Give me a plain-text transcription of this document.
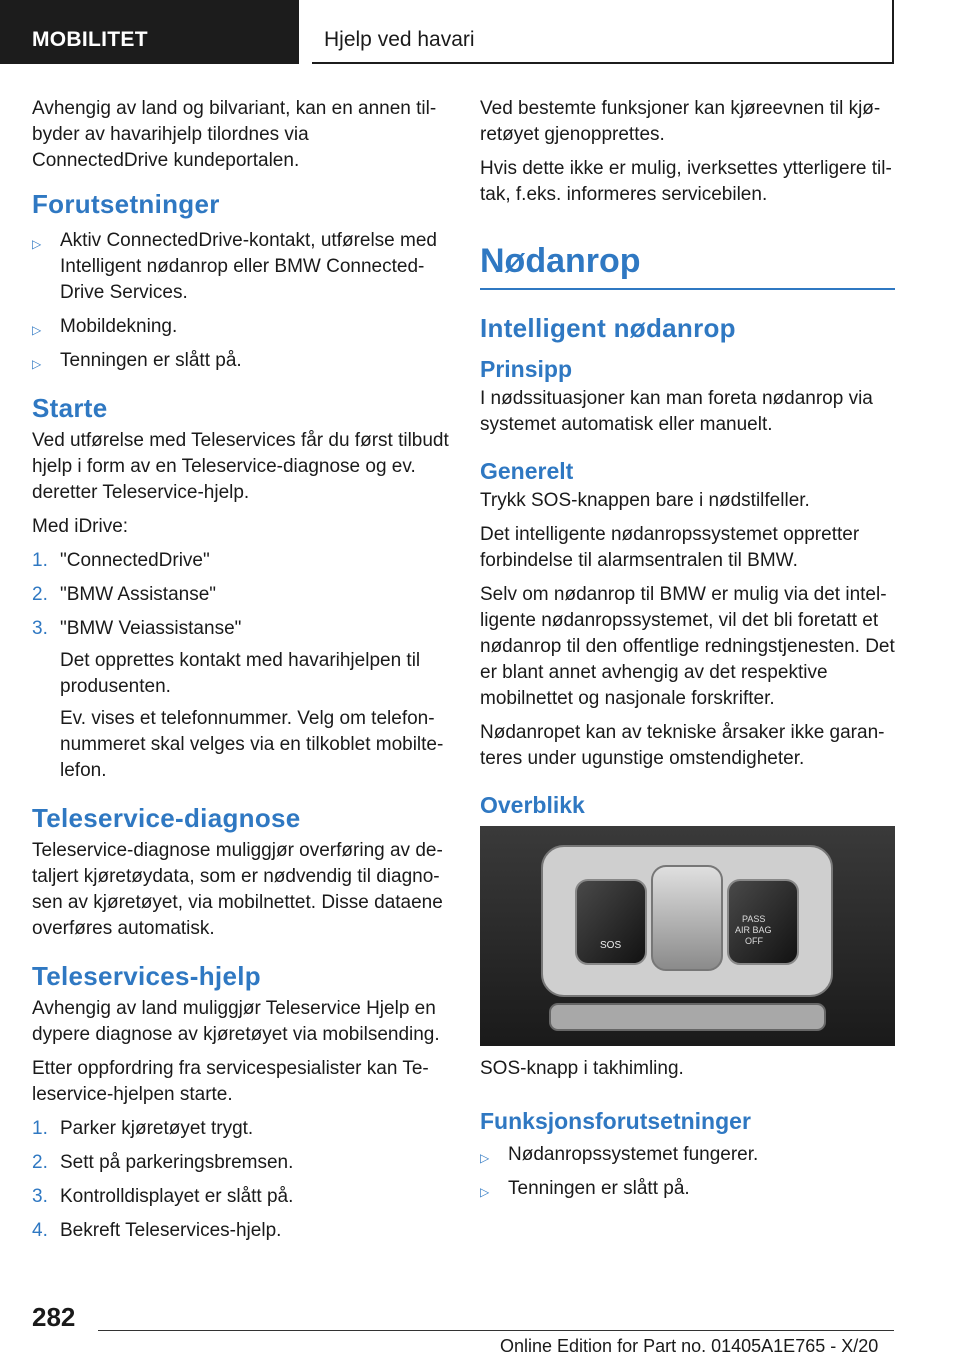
MOBILITET	Hjelp ved havari

Avhengig av land og bilvariant, kan en annen tilbyder av havarihjelp tilordnes via ConnectedDrive kundeportalen.

Forutsetninger
▷ Aktiv ConnectedDrive-kontakt, utførelse med Intelligent nødanrop eller BMW ConnectedDrive Services.
▷ Mobildekning.
▷ Tenningen er slått på.
Starte

Ved utførelse med Teleservices får du først tilbudt hjelp i form av en Teleservice-diagnose og ev. deretter Teleservice-hjelp.

Med iDrive:

1. "ConnectedDrive"
2. "BMW Assistanse"
3. "BMW Veiassistanse"

Det opprettes kontakt med havarihjelpen til produsenten.

Ev. vises et telefonnummer. Velg om telefonnummeret skal velges via en tilkoblet mobiltelefon.

Teleservice-diagnose

Teleservice-diagnose muliggjør overføring av detaljert kjøretøydata, som er nødvendig til diagnosen av kjøretøyet, via mobilnettet. Disse dataene overføres automatisk.

Teleservices-hjelp

Avhengig av land muliggjør Teleservice Hjelp en dypere diagnose av kjøretøyet via mobilsending.

Etter oppfordring fra servicespesialister kan Teleservice-hjelpen starte.

1. Parker kjøretøyet trygt.
2. Sett på parkeringsbremsen.
3. Kontrolldisplayet er slått på.
4. Bekreft Teleservices-hjelp.

Ved bestemte funksjoner kan kjøreevnen til kjøretøyet gjenopprettes.

Hvis dette ikke er mulig, iverksettes ytterligere tiltak, f.eks. informeres servicebilen.

Nødanrop
Intelligent nødanrop
Prinsipp

I nødssituasjoner kan man foreta nødanrop via systemet automatisk eller manuelt.

Generelt

Trykk SOS-knappen bare i nødstilfeller.

Det intelligente nødanropssystemet oppretter forbindelse til alarmsentralen til BMW.

Selv om nødanrop til BMW er mulig via det intelligente nødanropssystemet, vil det bli foretatt et nødanrop til den offentlige redningstjenesten. Det er blant annet avhengig av det respektive mobilnettet og nasjonale forskrifter.

Nødanropet kan av tekniske årsaker ikke garanteres under ugunstige omstendigheter.

Overblikk
SOS
PASS
AIR BAG
OFF

SOS-knapp i takhimling.

Funksjonsforutsetninger
▷ Nødanropssystemet fungerer.
▷ Tenningen er slått på.
282
Online Edition for Part no. 01405A1E765 - X/20
